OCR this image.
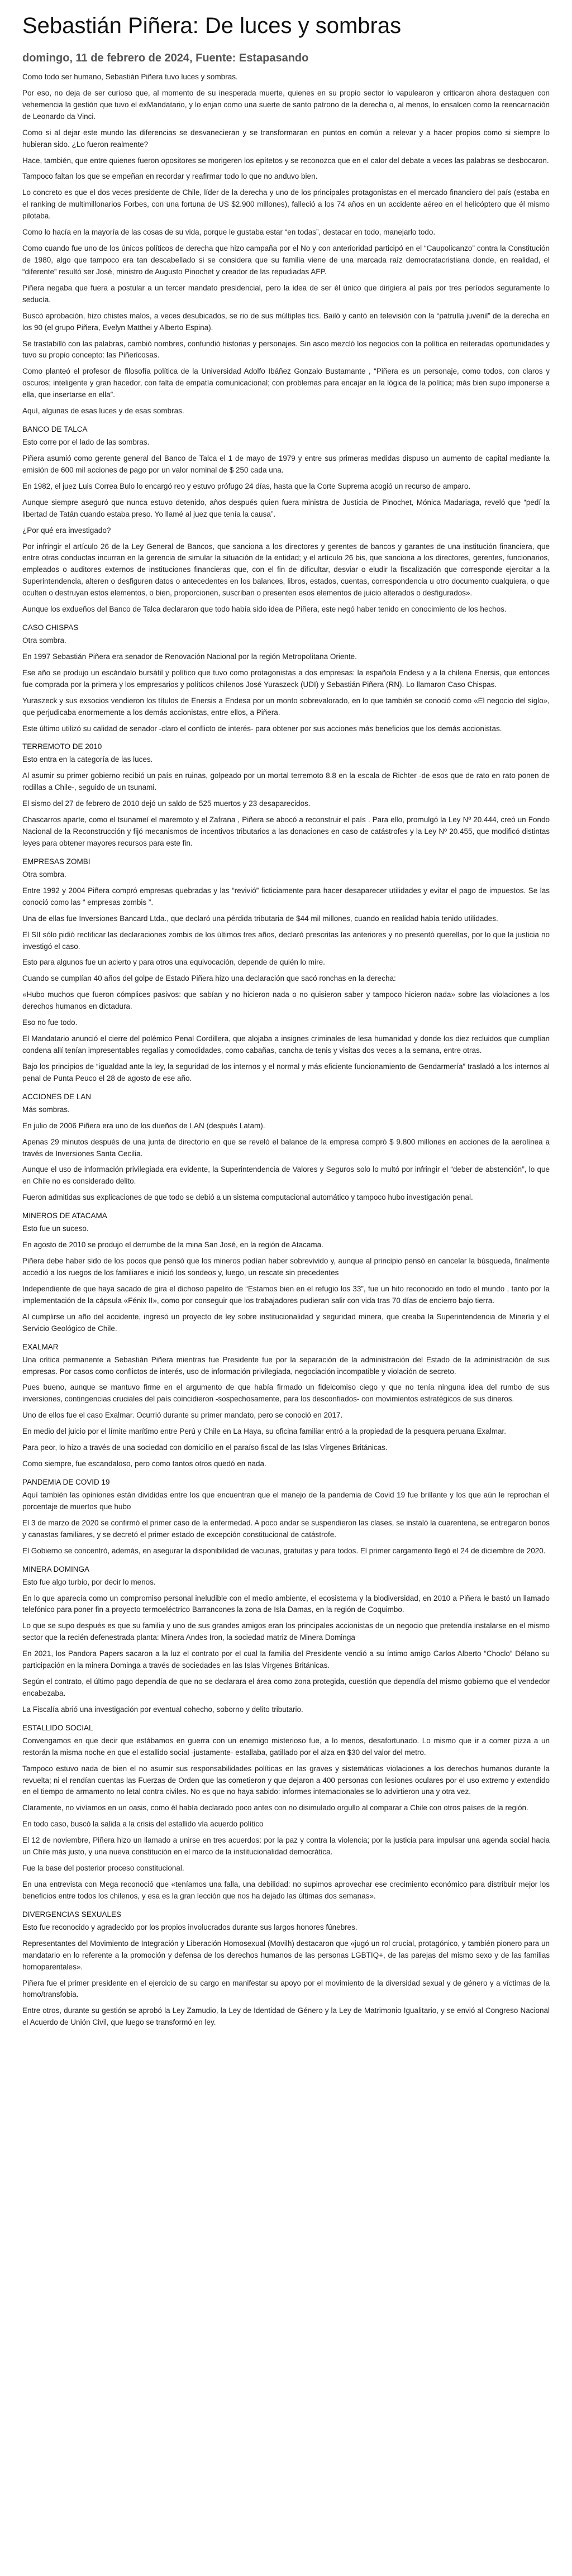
Sebastián Piñera: De luces y sombras
domingo, 11 de febrero de 2024, Fuente: Estapasando

Como todo ser humano, Sebastián Piñera tuvo luces y sombras.

Por eso, no deja de ser curioso que, al momento de su inesperada muerte, quienes en su propio sector lo vapulearon y criticaron ahora destaquen con vehemencia la gestión que tuvo el exMandatario, y lo enjan como una suerte de santo patrono de la derecha o, al menos, lo ensalcen como la reencarnación de Leonardo da Vinci.

Como si al dejar este mundo las diferencias se desvanecieran y se transformaran en puntos en común a relevar y a hacer propios como si siempre lo hubieran sido. ¿Lo fueron realmente?

Hace, también, que entre quienes fueron opositores se morigeren los epítetos y se reconozca que en el calor del debate a veces las palabras se desbocaron.

Tampoco faltan los que se empeñan en recordar y reafirmar todo lo que no anduvo bien.

Lo concreto es que el dos veces presidente de Chile, líder de la derecha y uno de los principales protagonistas en el mercado financiero del país (estaba en el ranking de multimillonarios Forbes, con una fortuna de US $2.900 millones), falleció a los 74 años en un accidente aéreo en el helicóptero que él mismo pilotaba.

Como lo hacía en la mayoría de las cosas de su vida, porque le gustaba estar “en todas”, destacar en todo, manejarlo todo.

Como cuando fue uno de los únicos políticos de derecha que hizo campaña por el No y con anterioridad participó en el “Caupolicanzo” contra la Constitución de 1980, algo que tampoco era tan descabellado si se considera que su familia viene de una marcada raíz democratacristiana donde, en realidad, el “diferente” resultó ser José, ministro de Augusto Pinochet y creador de las repudiadas AFP.

Piñera negaba que fuera a postular a un tercer mandato presidencial, pero la idea de ser él único que dirigiera al país por tres períodos seguramente lo seducía.

Buscó aprobación, hizo chistes malos, a veces desubicados, se rio de sus múltiples tics. Bailó y cantó en televisión con la “patrulla juvenil” de la derecha en los 90 (el grupo Piñera, Evelyn Matthei y Alberto Espina).

Se trastabilló con las palabras, cambió nombres, confundió historias y personajes. Sin asco mezcló los negocios con la política en reiteradas oportunidades y tuvo su propio concepto: las Piñericosas.

Como planteó el profesor de filosofía política de la Universidad Adolfo Ibáñez Gonzalo Bustamante , “Piñera es un personaje, como todos, con claros y oscuros; inteligente y gran hacedor, con falta de empatía comunicacional; con problemas para encajar en la lógica de la política; más bien supo imponerse a ella, que insertarse en ella”.

Aquí, algunas de esas luces y de esas sombras.

BANCO DE TALCA

Esto corre por el lado de las sombras.

Piñera asumió como gerente general del Banco de Talca el 1 de mayo de 1979 y entre sus primeras medidas dispuso un aumento de capital mediante la emisión de 600 mil acciones de pago por un valor nominal de $ 250 cada una.

En 1982, el juez Luis Correa Bulo lo encargó reo y estuvo prófugo 24 días, hasta que la Corte Suprema acogió un recurso de amparo.

Aunque siempre aseguró que nunca estuvo detenido, años después quien fuera ministra de Justicia de Pinochet, Mónica Madariaga, reveló que “pedí la libertad de Tatán cuando estaba preso. Yo llamé al juez que tenía la causa”.

¿Por qué era investigado?

Por infringir el artículo 26 de la Ley General de Bancos, que sanciona a los directores y gerentes de bancos y garantes de una institución financiera, que entre otras conductas incurran en la gerencia de simular la situación de la entidad; y el artículo 26 bis, que sanciona a los directores, gerentes, funcionarios, empleados o auditores externos de instituciones financieras que, con el fin de dificultar, desviar o eludir la fiscalización que corresponde ejercitar a la Superintendencia, alteren o desfiguren datos o antecedentes en los balances, libros, estados, cuentas, correspondencia u otro documento cualquiera, o que oculten o destruyan estos elementos, o bien, proporcionen, suscriban o presenten esos elementos de juicio alterados o desfigurados».

Aunque los exdueños del Banco de Talca declararon que todo había sido idea de Piñera, este negó haber tenido en conocimiento de los hechos.

CASO CHISPAS

Otra sombra.

En 1997 Sebastián Piñera era senador de Renovación Nacional por la región Metropolitana Oriente.

Ese año se produjo un escándalo bursátil y político que tuvo como protagonistas a dos empresas: la española Endesa y a la chilena Enersis, que entonces fue comprada por la primera y los empresarios y políticos chilenos José Yuraszeck (UDI) y Sebastián Piñera (RN). Lo llamaron Caso Chispas.

Yuraszeck y sus exsocios vendieron los títulos de Enersis a Endesa por un monto sobrevalorado, en lo que también se conoció como «El negocio del siglo», que perjudicaba enormemente a los demás accionistas, entre ellos, a Piñera.

Este último utilizó su calidad de senador -claro el conflicto de interés- para obtener por sus acciones más beneficios que los demás accionistas.

TERREMOTO DE 2010

Esto entra en la categoría de las luces.

Al asumir su primer gobierno recibió un país en ruinas, golpeado por un mortal terremoto 8.8 en la escala de Richter -de esos que de rato en rato ponen de rodillas a Chile-, seguido de un tsunami.

El sismo del 27 de febrero de 2010 dejó un saldo de 525 muertos y 23 desaparecidos.

Chascarros aparte, como el tsunameí el maremoto y el Zafrana , Piñera se abocó a reconstruir el país . Para ello, promulgó la Ley Nº 20.444, creó un Fondo Nacional de la Reconstrucción y fijó mecanismos de incentivos tributarios a las donaciones en caso de catástrofes y la Ley Nº 20.455, que modificó distintas leyes para obtener mayores recursos para este fin.

EMPRESAS ZOMBI

Otra sombra.

Entre 1992 y 2004 Piñera compró empresas quebradas y las “revivió” ficticiamente para hacer desaparecer utilidades y evitar el pago de impuestos. Se las conoció como las “ empresas zombis ”.

Una de ellas fue Inversiones Bancard Ltda., que declaró una pérdida tributaria de $44 mil millones, cuando en realidad había tenido utilidades.

El SII sólo pidió rectificar las declaraciones zombis de los últimos tres años, declaró prescritas las anteriores y no presentó querellas, por lo que la justicia no investigó el caso.

Esto para algunos fue un acierto y para otros una equivocación, depende de quién lo mire.

Cuando se cumplían 40 años del golpe de Estado Piñera hizo una declaración que sacó ronchas en la derecha:

«Hubo muchos que fueron cómplices pasivos: que sabían y no hicieron nada o no quisieron saber y tampoco hicieron nada» sobre las violaciones a los derechos humanos en dictadura.

Eso no fue todo.

El Mandatario anunció el cierre del polémico Penal Cordillera, que alojaba a insignes criminales de lesa humanidad y donde los diez recluidos que cumplían condena allí tenían impresentables regalías y comodidades, como cabañas, cancha de tenis y visitas dos veces a la semana, entre otras.

Bajo los principios de “igualdad ante la ley, la seguridad de los internos y el normal y más eficiente funcionamiento de Gendarmería” trasladó a los internos al penal de Punta Peuco el 28 de agosto de ese año.

ACCIONES DE LAN

Más sombras.

En julio de 2006 Piñera era uno de los dueños de LAN (después Latam).

Apenas 29 minutos después de una junta de directorio en que se reveló el balance de la empresa compró $ 9.800 millones en acciones de la aerolínea a través de Inversiones Santa Cecilia.

Aunque el uso de información privilegiada era evidente, la Superintendencia de Valores y Seguros solo lo multó por infringir el “deber de abstención”, lo que en Chile no es considerado delito.

Fueron admitidas sus explicaciones de que todo se debió a un sistema computacional automático y tampoco hubo investigación penal.

MINEROS DE ATACAMA

Esto fue un suceso.

En agosto de 2010 se produjo el derrumbe de la mina San José, en la región de Atacama.

Piñera debe haber sido de los pocos que pensó que los mineros podían haber sobrevivido y, aunque al principio pensó en cancelar la búsqueda, finalmente accedió a los ruegos de los familiares e inició los sondeos y, luego, un rescate sin precedentes

Independiente de que haya sacado de gira el dichoso papelito de “Estamos bien en el refugio los 33”, fue un hito reconocido en todo el mundo , tanto por la implementación de la cápsula «Fénix II», como por conseguir que los trabajadores pudieran salir con vida tras 70 días de encierro bajo tierra.

Al cumplirse un año del accidente, ingresó un proyecto de ley sobre institucionalidad y seguridad minera, que creaba la Superintendencia de Minería y el Servicio Geológico de Chile.

EXALMAR

Una crítica permanente a Sebastián Piñera mientras fue Presidente fue por la separación de la administración del Estado de la administración de sus empresas. Por casos como conflictos de interés, uso de información privilegiada, negociación incompatible y violación de secreto.

Pues bueno, aunque se mantuvo firme en el argumento de que había firmado un fideicomiso ciego y que no tenía ninguna idea del rumbo de sus inversiones, contingencias cruciales del país coincidieron -sospechosamente, para los desconfiados- con movimientos estratégicos de sus dineros.

Uno de ellos fue el caso Exalmar. Ocurrió durante su primer mandato, pero se conoció en 2017.

En medio del juicio por el límite marítimo entre Perú y Chile en La Haya, su oficina familiar entró a la propiedad de la pesquera peruana Exalmar.

Para peor, lo hizo a través de una sociedad con domicilio en el paraíso fiscal de las Islas Vírgenes Británicas.

Como siempre, fue escandaloso, pero como tantos otros quedó en nada.

PANDEMIA DE COVID 19

Aquí también las opiniones están divididas entre los que encuentran que el manejo de la pandemia de Covid 19 fue brillante y los que aún le reprochan el porcentaje de muertos que hubo

El 3 de marzo de 2020 se confirmó el primer caso de la enfermedad. A poco andar se suspendieron las clases, se instaló la cuarentena, se entregaron bonos y canastas familiares, y se decretó el primer estado de excepción constitucional de catástrofe.

El Gobierno se concentró, además, en asegurar la disponibilidad de vacunas, gratuitas y para todos. El primer cargamento llegó el 24 de diciembre de 2020.

MINERA DOMINGA

Esto fue algo turbio, por decir lo menos.

En lo que aparecía como un compromiso personal ineludible con el medio ambiente, el ecosistema y la biodiversidad, en 2010 a Piñera le bastó un llamado telefónico para poner fin a proyecto termoeléctrico Barrancones la zona de Isla Damas, en la región de Coquimbo.

Lo que se supo después es que su familia y uno de sus grandes amigos eran los principales accionistas de un negocio que pretendía instalarse en el mismo sector que la recién defenestrada planta: Minera Andes Iron, la sociedad matriz de Minera Dominga

En 2021, los Pandora Papers sacaron a la luz el contrato por el cual la familia del Presidente vendió a su íntimo amigo Carlos Alberto “Choclo” Délano su participación en la minera Dominga a través de sociedades en las Islas Vírgenes Británicas.

Según el contrato, el último pago dependía de que no se declarara el área como zona protegida, cuestión que dependía del mismo gobierno que el vendedor encabezaba.

La Fiscalía abrió una investigación por eventual cohecho, soborno y delito tributario.

ESTALLIDO SOCIAL

Convengamos en que decir que estábamos en guerra con un enemigo misterioso fue, a lo menos, desafortunado. Lo mismo que ir a comer pizza a un restorán la misma noche en que el estallido social -justamente- estallaba, gatillado por el alza en $30 del valor del metro.

Tampoco estuvo nada de bien el no asumir sus responsabilidades políticas en las graves y sistemáticas violaciones a los derechos humanos durante la revuelta; ni el rendían cuentas las Fuerzas de Orden que las cometieron y que dejaron a 400 personas con lesiones oculares por el uso extremo y extendido en el tiempo de armamento no letal contra civiles. No es que no haya sabido: informes internacionales se lo advirtieron una y otra vez.

Claramente, no vivíamos en un oasis, como él había declarado poco antes con no disimulado orgullo al comparar a Chile con otros países de la región.

En todo caso, buscó la salida a la crisis del estallido vía acuerdo político

El 12 de noviembre, Piñera hizo un llamado a unirse en tres acuerdos: por la paz y contra la violencia; por la justicia para impulsar una agenda social hacia un Chile más justo, y una nueva constitución en el marco de la institucionalidad democrática.

Fue la base del posterior proceso constitucional.

En una entrevista con Mega reconoció que «teníamos una falla, una debilidad: no supimos aprovechar ese crecimiento económico para distribuir mejor los beneficios entre todos los chilenos, y esa es la gran lección que nos ha dejado las últimas dos semanas».

DIVERGENCIAS SEXUALES

Esto fue reconocido y agradecido por los propios involucrados durante sus largos honores fúnebres.

Representantes del Movimiento de Integración y Liberación Homosexual (Movilh) destacaron que «jugó un rol crucial, protagónico, y también pionero para un mandatario en lo referente a la promoción y defensa de los derechos humanos de las personas LGBTIQ+, de las parejas del mismo sexo y de las familias homoparentales».

Piñera fue el primer presidente en el ejercicio de su cargo en manifestar su apoyo por el movimiento de la diversidad sexual y de género y a víctimas de la homo/transfobia.

Entre otros, durante su gestión se aprobó la Ley Zamudio, la Ley de Identidad de Género y la Ley de Matrimonio Igualitario, y se envió al Congreso Nacional el Acuerdo de Unión Civil, que luego se transformó en ley.
